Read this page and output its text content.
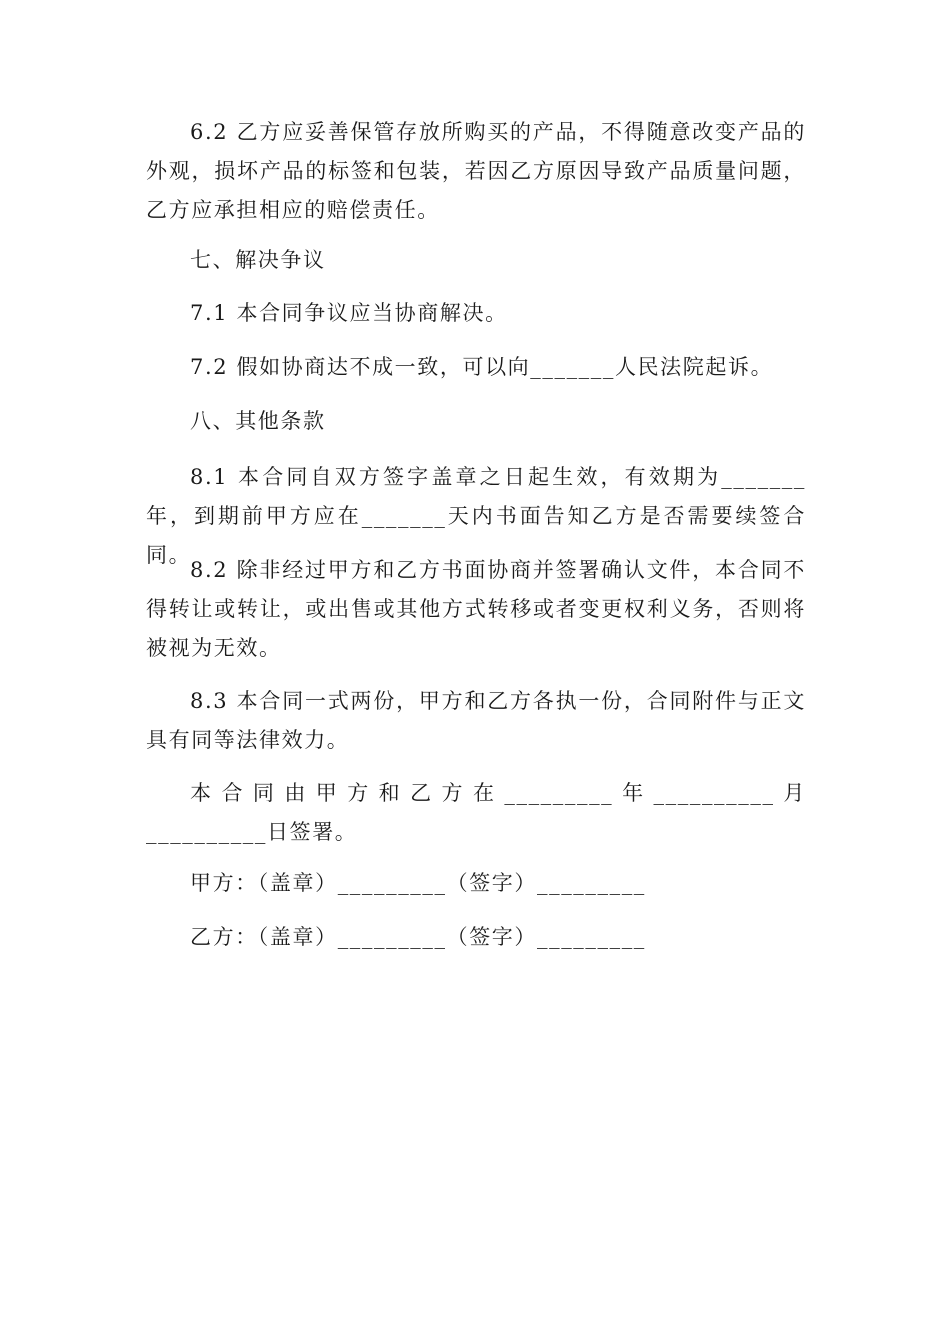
6.2 乙方应妥善保管存放所购买的产品，不得随意改变产品的外观，损坏产品的标签和包装，若因乙方原因导致产品质量问题，乙方应承担相应的赔偿责任。

七、解决争议

7.1 本合同争议应当协商解决。

7.2 假如协商达不成一致，可以向_______人民法院起诉。

八、其他条款

8.1 本合同自双方签字盖章之日起生效，有效期为_______年，到期前甲方应在_______天内书面告知乙方是否需要续签合同。

8.2 除非经过甲方和乙方书面协商并签署确认文件，本合同不得转让或转让，或出售或其他方式转移或者变更权利义务，否则将被视为无效。

8.3 本合同一式两份，甲方和乙方各执一份，合同附件与正文具有同等法律效力。

本合同由甲方和乙方在_________年__________月__________日签署。

甲方：（盖章）_________（签字）_________

乙方：（盖章）_________（签字）_________
